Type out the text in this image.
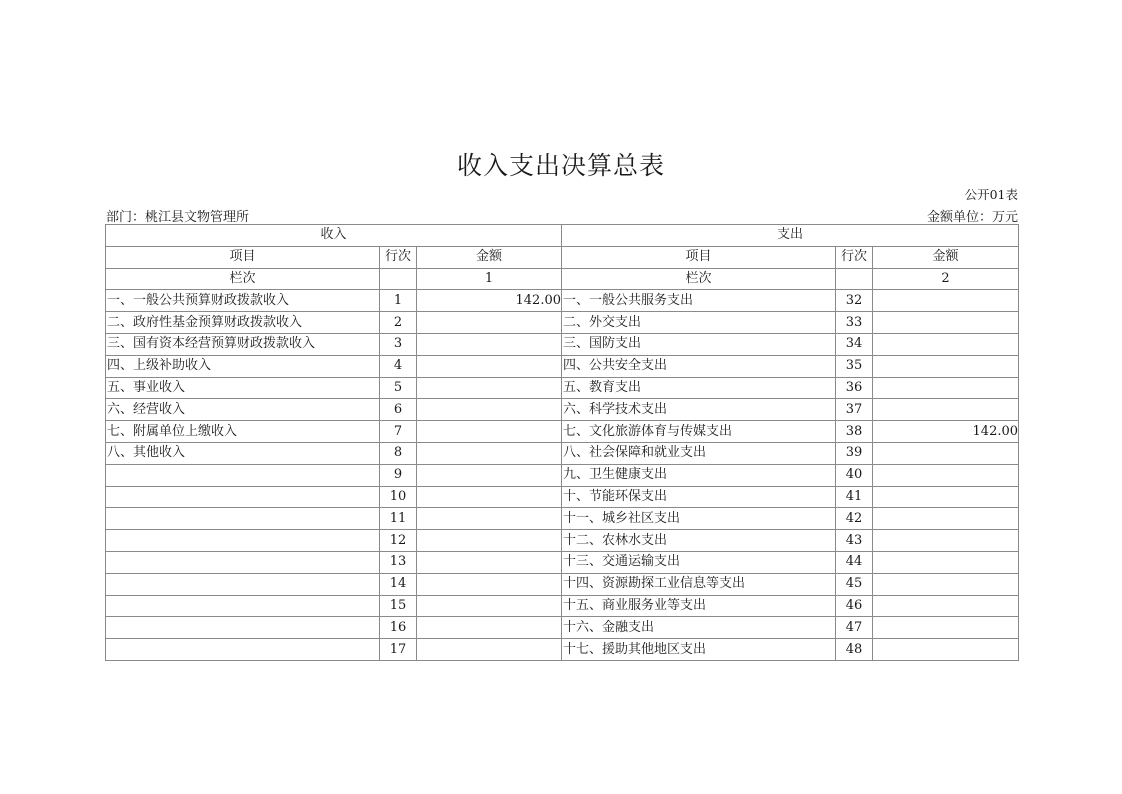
收入支出决算总表
公开01表
部门：桃江县文物管理所	金额单位：万元
收入			支出		
项目	行次	金额	项目	行次	金额
栏次		1	栏次		2
一、一般公共预算财政拨款收入	1	142.00	一、一般公共服务支出	32	
二、政府性基金预算财政拨款收入	2		二、外交支出	33	
三、国有资本经营预算财政拨款收入	3		三、国防支出	34	
四、上级补助收入	4		四、公共安全支出	35	
五、事业收入	5		五、教育支出	36	
六、经营收入	6		六、科学技术支出	37	
七、附属单位上缴收入	7		七、文化旅游体育与传媒支出	38	142.00
八、其他收入	8		八、社会保障和就业支出	39	
	9		九、卫生健康支出	40	
	10		十、节能环保支出	41	
	11		十一、城乡社区支出	42	
	12		十二、农林水支出	43	
	13		十三、交通运输支出	44	
	14		十四、资源勘探工业信息等支出	45	
	15		十五、商业服务业等支出	46	
	16		十六、金融支出	47	
	17		十七、援助其他地区支出	48	
